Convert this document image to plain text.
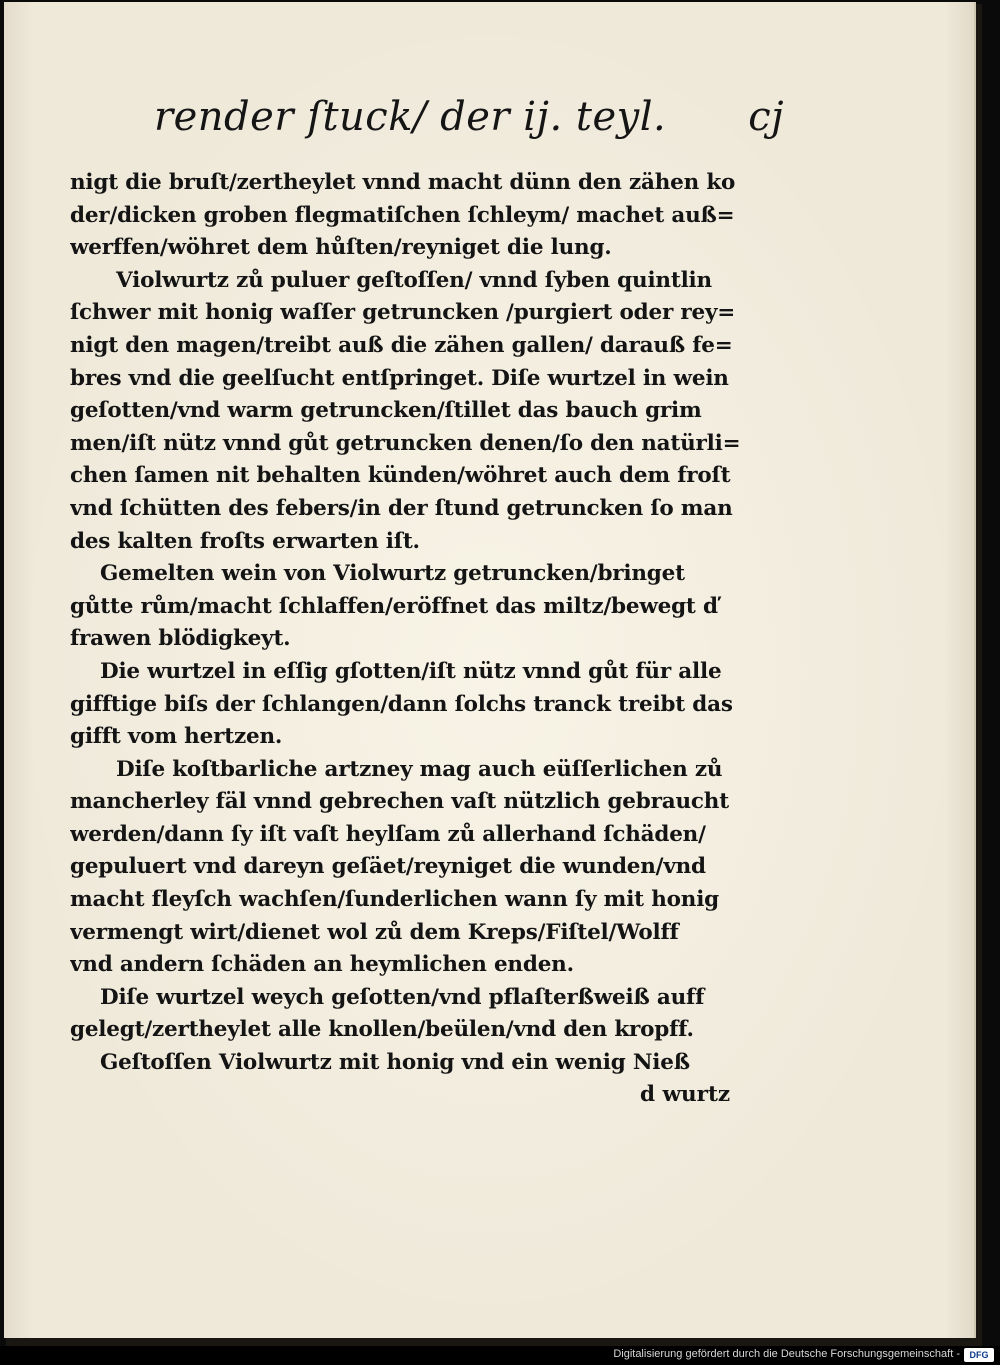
render ſtuck/ der ij. teyl. cj
nigt die bruſt/zertheylet vnnd macht dünn den zähen ko
der/dicken groben flegmatiſchen ſchleym/ machet auß=
werffen/wöhret dem hůſten/reyniget die lung.
Violwurtz zů puluer geſtoſſen/ vnnd ſyben quintlin
ſchwer mit honig waſſer getruncken /purgiert oder rey=
nigt den magen/treibt auß die zähen gallen/ darauß fe=
bres vnd die geelſucht entſpringet. Diſe wurtzel in wein
geſotten/vnd warm getruncken/ſtillet das bauch grim
men/iſt nütz vnnd gůt getruncken denen/ſo den natürli=
chen ſamen nit behalten künden/wöhret auch dem froſt
vnd ſchütten des febers/in der ſtund getruncken ſo man
des kalten froſts erwarten iſt.
Gemelten wein von Violwurtz getruncken/bringet
gůtte rům/macht ſchlaffen/eröffnet das miltz/bewegt ď
frawen blödigkeyt.
Die wurtzel in eſſig gſotten/iſt nütz vnnd gůt für alle
gifftige biſs der ſchlangen/dann ſolchs tranck treibt das
gifft vom hertzen.
Diſe koſtbarliche artzney mag auch eüſſerlichen zů
mancherley fäl vnnd gebrechen vaſt nützlich gebraucht
werden/dann ſy iſt vaſt heylſam zů allerhand ſchäden/
gepuluert vnd dareyn geſäet/reyniget die wunden/vnd
macht fleyſch wachſen/ſunderlichen wann ſy mit honig
vermengt wirt/dienet wol zů dem Kreps/Fiſtel/Wolff
vnd andern ſchäden an heymlichen enden.
Diſe wurtzel weych geſotten/vnd pflaſterßweiß auff
gelegt/zertheylet alle knollen/beülen/vnd den kropff.
Geſtoſſen Violwurtz mit honig vnd ein wenig Nieß
d wurtz
Digitalisierung gefördert durch die Deutsche Forschungsgemeinschaft -	DFG
